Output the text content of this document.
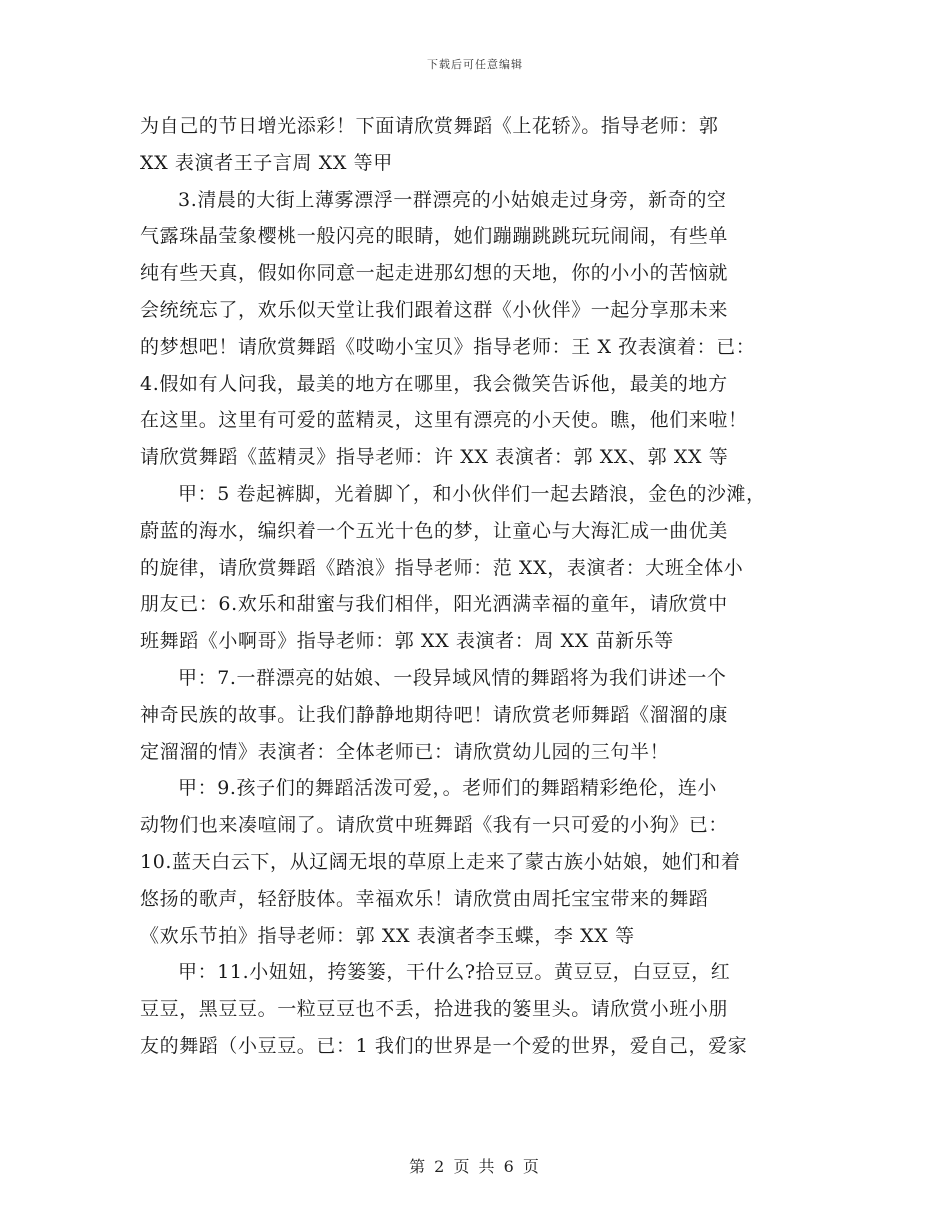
下载后可任意编辑
为自己的节日增光添彩！下面请欣赏舞蹈《上花轿》。指导老师：郭
XX 表演者王子言周 XX 等甲
3.清晨的大街上薄雾漂浮一群漂亮的小姑娘走过身旁，新奇的空
气露珠晶莹象樱桃一般闪亮的眼睛，她们蹦蹦跳跳玩玩闹闹，有些单
纯有些天真，假如你同意一起走进那幻想的天地，你的小小的苦恼就
会统统忘了，欢乐似天堂让我们跟着这群《小伙伴》一起分享那未来
的梦想吧！请欣赏舞蹈《哎呦小宝贝》指导老师：王 X 孜表演着：已：
4.假如有人问我，最美的地方在哪里，我会微笑告诉他，最美的地方
在这里。这里有可爱的蓝精灵，这里有漂亮的小天使。瞧，他们来啦！
请欣赏舞蹈《蓝精灵》指导老师：许 XX 表演者：郭 XX、郭 XX 等
甲：5 卷起裤脚，光着脚丫，和小伙伴们一起去踏浪，金色的沙滩，
蔚蓝的海水，编织着一个五光十色的梦，让童心与大海汇成一曲优美
的旋律，请欣赏舞蹈《踏浪》指导老师：范 XX，表演者：大班全体小
朋友已：6.欢乐和甜蜜与我们相伴，阳光洒满幸福的童年，请欣赏中
班舞蹈《小啊哥》指导老师：郭 XX 表演者：周 XX 苗新乐等
甲：7.一群漂亮的姑娘、一段异域风情的舞蹈将为我们讲述一个
神奇民族的故事。让我们静静地期待吧！请欣赏老师舞蹈《溜溜的康
定溜溜的情》表演者：全体老师已：请欣赏幼儿园的三句半！
甲：9.孩子们的舞蹈活泼可爱，。老师们的舞蹈精彩绝伦，连小
动物们也来凑喧闹了。请欣赏中班舞蹈《我有一只可爱的小狗》已：
10.蓝天白云下，从辽阔无垠的草原上走来了蒙古族小姑娘，她们和着
悠扬的歌声，轻舒肢体。幸福欢乐！请欣赏由周托宝宝带来的舞蹈
《欢乐节拍》指导老师：郭 XX 表演者李玉蝶，李 XX 等
甲：11.小妞妞，挎篓篓，干什么?拾豆豆。黄豆豆，白豆豆，红
豆豆，黑豆豆。一粒豆豆也不丢，拾进我的篓里头。请欣赏小班小朋
友的舞蹈（小豆豆。已：1 我们的世界是一个爱的世界，爱自己，爱家
第 2 页 共 6 页
